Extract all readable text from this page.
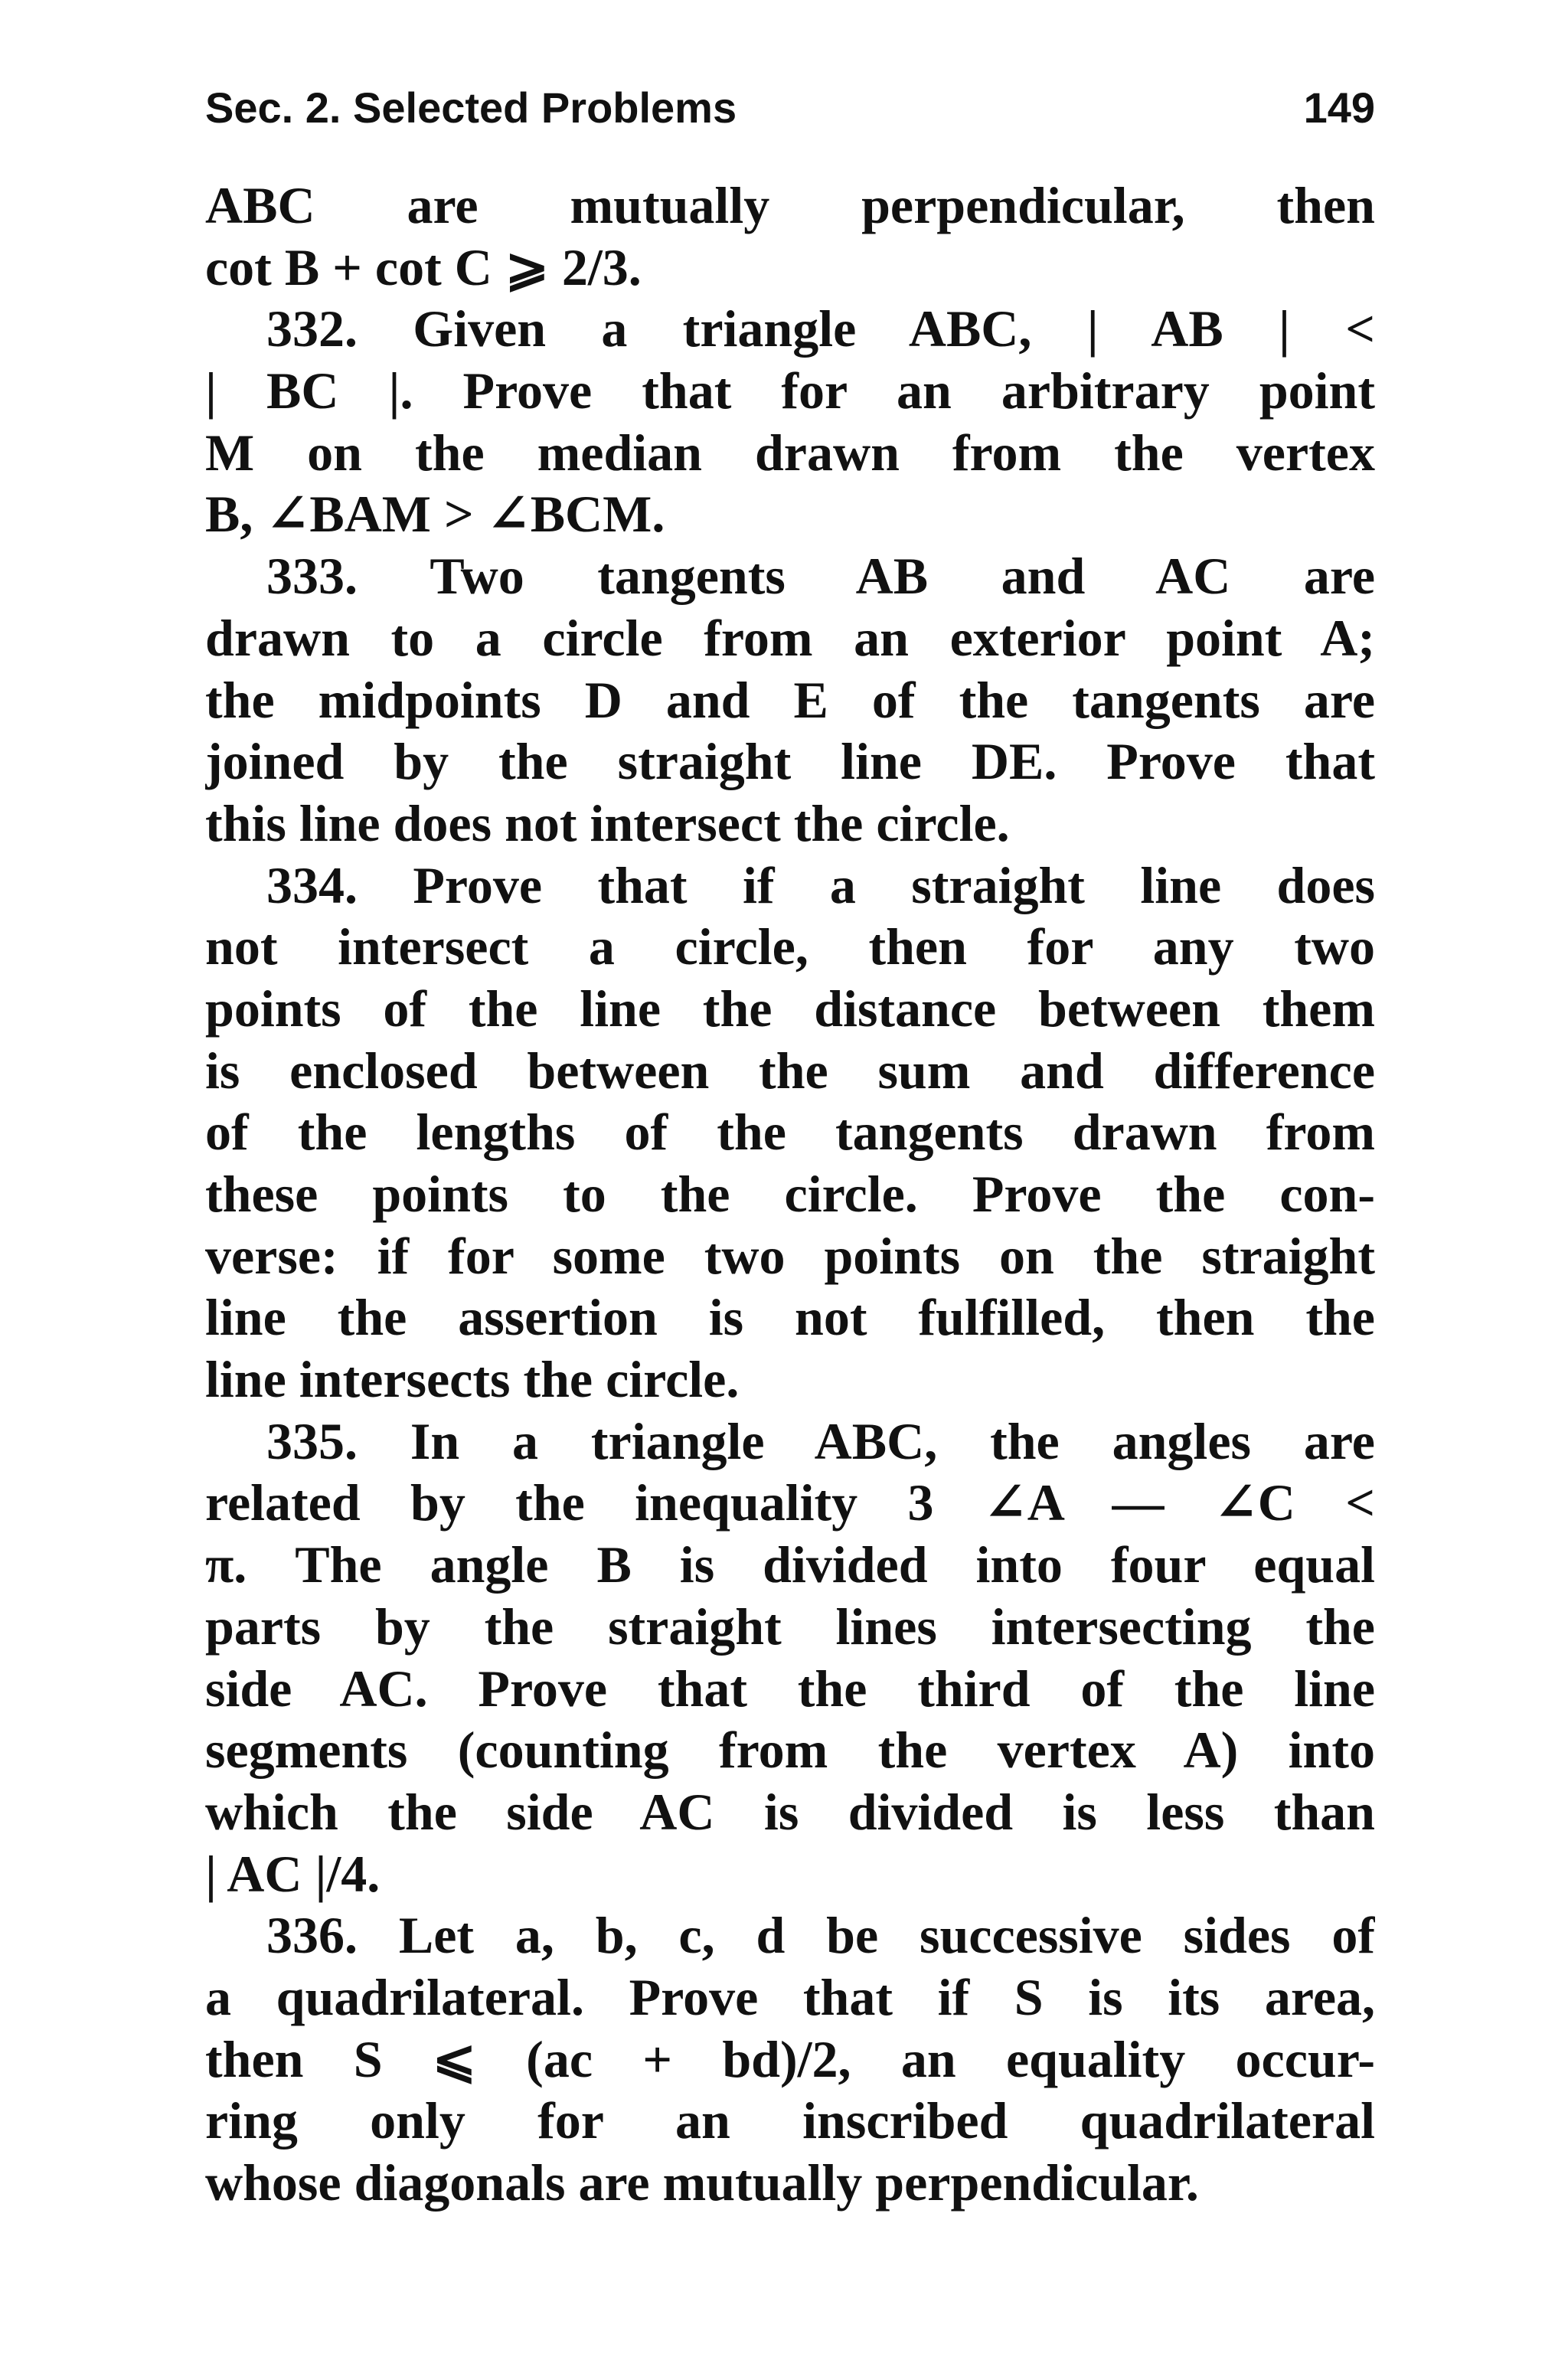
Sec. 2. Selected Problems	149
ABC are mutually perpendicular, then
cot B + cot C ⩾ 2/3.
332. Given a triangle ABC, | AB | <
| BC |. Prove that for an arbitrary point
M on the median drawn from the vertex
B, ∠BAM > ∠BCM.
333. Two tangents AB and AC are
drawn to a circle from an exterior point A;
the midpoints D and E of the tangents are
joined by the straight line DE. Prove that
this line does not intersect the circle.
334. Prove that if a straight line does
not intersect a circle, then for any two
points of the line the distance between them
is enclosed between the sum and difference
of the lengths of the tangents drawn from
these points to the circle. Prove the con-
verse: if for some two points on the straight
line the assertion is not fulfilled, then the
line intersects the circle.
335. In a triangle ABC, the angles are
related by the inequality 3 ∠A — ∠C <
π. The angle B is divided into four equal
parts by the straight lines intersecting the
side AC. Prove that the third of the line
segments (counting from the vertex A) into
which the side AC is divided is less than
| AC |/4.
336. Let a, b, c, d be successive sides of
a quadrilateral. Prove that if S is its area,
then S ⩽ (ac + bd)/2, an equality occur-
ring only for an inscribed quadrilateral
whose diagonals are mutually perpendicular.
